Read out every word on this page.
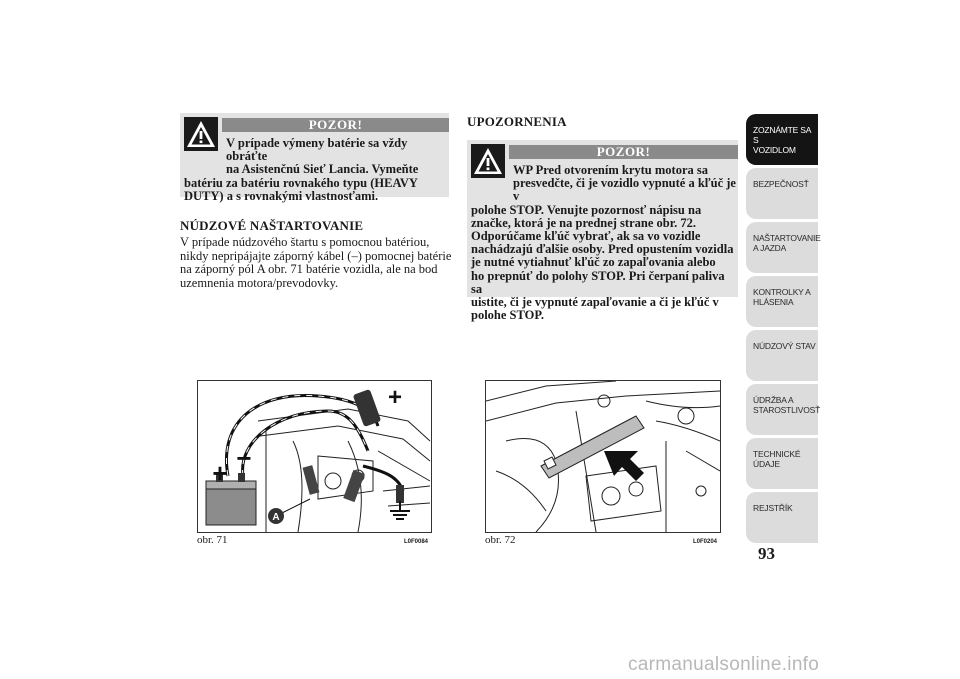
POZOR!
V prípade výmeny batérie sa vždy obráťte
na Asistenčnú Sieť Lancia. Vymeňte
batériu za batériu rovnakého typu (HEAVY
DUTY) a s rovnakými vlastnosťami.
NÚDZOVÉ NAŠTARTOVANIE
V prípade núdzového štartu s pomocnou batériou,
nikdy nepripájajte záporný kábel (–) pomocnej batérie
na záporný pól A obr. 71 batérie vozidla, ale na bod
uzemnenia motora/prevodovky.
UPOZORNENIA
POZOR!
WP Pred otvorením krytu motora sa
presvedčte, či je vozidlo vypnuté a kľúč je v
polohe STOP. Venujte pozornosť nápisu na
značke, ktorá je na prednej strane obr. 72.
Odporúčame kľúč vybrať, ak sa vo vozidle
nachádzajú ďalšie osoby. Pred opustením vozidla
je nutné vytiahnuť kľúč zo zapaľovania alebo
ho prepnúť do polohy STOP. Pri čerpaní paliva sa
uistite, či je vypnuté zapaľovanie a či je kľúč v
polohe STOP.
A
+ −
+
obr. 71	L0F0084	obr. 72	L0F0204
ZOZNÁMTE SA S
VOZIDLOM
BEZPEČNOSŤ
NAŠTARTOVANIE
A JAZDA
KONTROLKY A
HLÁSENIA
NÚDZOVÝ STAV
ÚDRŽBA A
STAROSTLIVOSŤ
TECHNICKÉ
ÚDAJE
REJSTŘÍK
93
carmanualsonline.info
